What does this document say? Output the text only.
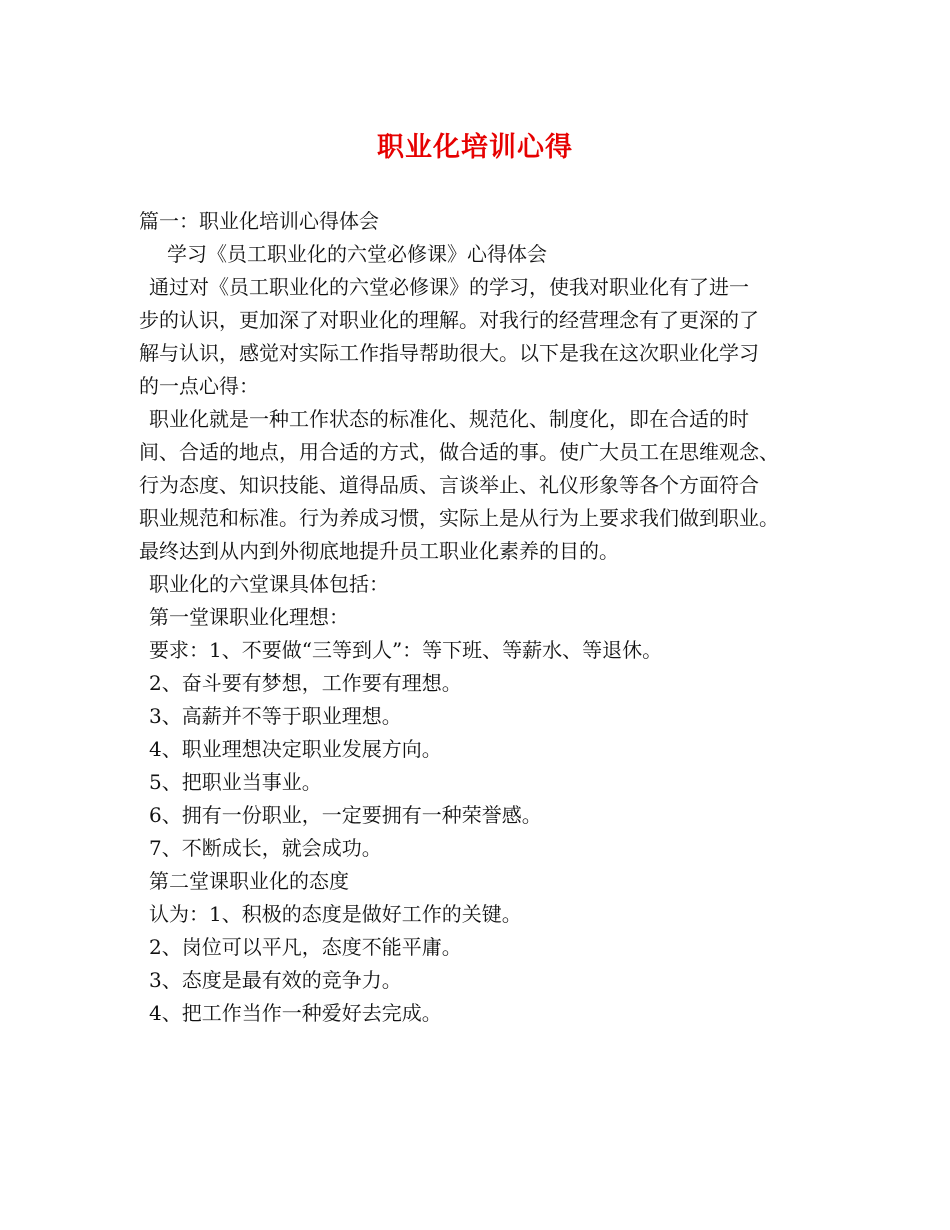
职业化培训心得
篇一：职业化培训心得体会
学习《员工职业化的六堂必修课》心得体会
通过对《员工职业化的六堂必修课》的学习，使我对职业化有了进一
步的认识，更加深了对职业化的理解。对我行的经营理念有了更深的了
解与认识，感觉对实际工作指导帮助很大。以下是我在这次职业化学习
的一点心得：
职业化就是一种工作状态的标准化、规范化、制度化，即在合适的时
间、合适的地点，用合适的方式，做合适的事。使广大员工在思维观念、
行为态度、知识技能、道得品质、言谈举止、礼仪形象等各个方面符合
职业规范和标准。行为养成习惯，实际上是从行为上要求我们做到职业。
最终达到从内到外彻底地提升员工职业化素养的目的。
职业化的六堂课具体包括：
第一堂课职业化理想：
要求：1、不要做“三等到人”：等下班、等薪水、等退休。
2、奋斗要有梦想，工作要有理想。
3、高薪并不等于职业理想。
4、职业理想决定职业发展方向。
5、把职业当事业。
6、拥有一份职业，一定要拥有一种荣誉感。
7、不断成长，就会成功。
第二堂课职业化的态度
认为：1、积极的态度是做好工作的关键。
2、岗位可以平凡，态度不能平庸。
3、态度是最有效的竞争力。
4、把工作当作一种爱好去完成。
